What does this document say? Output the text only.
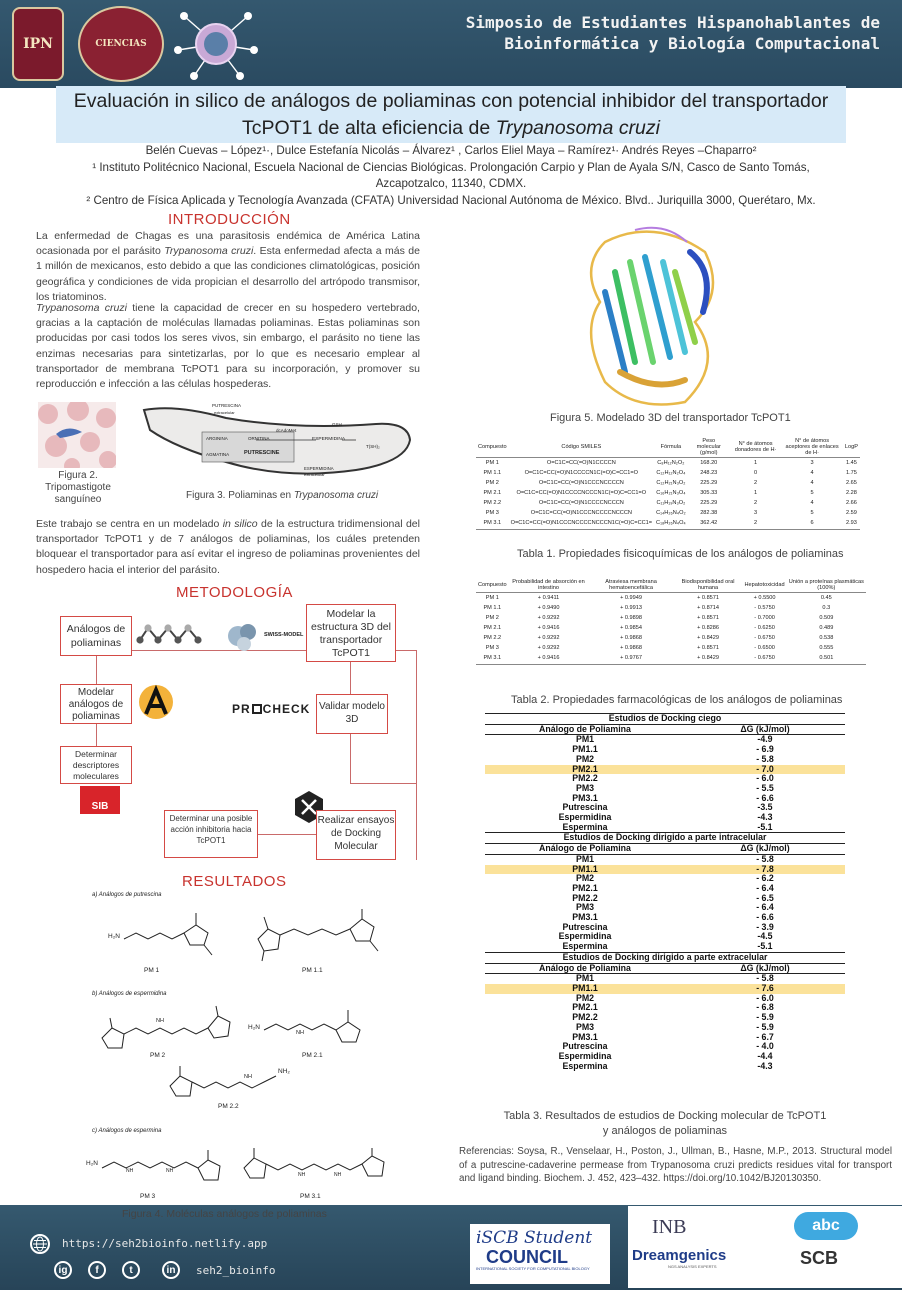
IPN	CIENCIAS
Simposio de Estudiantes Hispanohablantes de
Bioinformática y Biología Computacional
Evaluación in silico de análogos de poliaminas con potencial inhibidor del transportador
TcPOT1 de alta eficiencia de Trypanosoma cruzi
Belén Cuevas – López¹·, Dulce Estefanía Nicolás – Álvarez¹ , Carlos Eliel Maya – Ramírez¹· Andrés Reyes –Chaparro²
¹ Instituto Politécnico Nacional, Escuela Nacional de Ciencias Biológicas. Prolongación Carpio y Plan de Ayala S/N, Casco de Santo Tomás,
Azcapotzalco, 11340, CDMX.
² Centro de Física Aplicada y Tecnología Avanzada (CFATA) Universidad Nacional Autónoma de México. Blvd.. Juriquilla 3000, Querétaro, Mx.
INTRODUCCIÓN
La enfermedad de Chagas es una parasitosis endémica de América Latina ocasionada por el parásito Trypanosoma cruzi. Esta enfermedad afecta a más de 1 millón de mexicanos, esto debido a que las condiciones climatológicas, posición geográfica y condiciones de vida propician el desarrollo del artrópodo transmisor, los triatominos.
Trypanosoma cruzi tiene la capacidad de crecer en su hospedero vertebrado, gracias a la captación de moléculas llamadas poliaminas. Estas poliaminas son producidas por casi todos los seres vivos, sin embargo, el parásito no tiene las enzimas necesarias para sintetizarlas, por lo que es necesario emplear al transportador de membrana TcPOT1 para su incorporación, y promover su reproducción e infección a las células hospederas.
Figura 2. Tripomastigote sanguíneo
PUTRESCINA
extracelular
ARGININA	ORNITINA
AGMATINA	PUTRESCINE
dcAdoMet
ESPERMIDINA
GSH
T(SH)₂
ESPERMIDINA
extracelular
Figura 3. Poliaminas en Trypanosoma cruzi
Este trabajo se centra en un modelado in silico de la estructura tridimensional del transportador TcPOT1 y de 7 análogos de poliaminas, los cuáles pretenden bloquear el transportador para así evitar el ingreso de poliaminas provenientes del hospedero hacia el interior del parásito.
METODOLOGÍA
Análogos de poliaminas
SWISS-MODEL
Modelar la estructura 3D del transportador TcPOT1
Modelar análogos de poliaminas
PR CHECK Validar modelo 3D
Determinar descriptores moleculares
SIB
Realizar ensayos de Docking Molecular
Determinar una posible acción inhibitoria hacia TcPOT1
RESULTADOS
a) Análogos de putrescina
H₂N
PM 1	PM 1.1
b) Análogos de espermidina
NH
PM 2
H₂N
NH
PM 2.1
NH
NH₂
PM 2.2
c) Análogos de espermina
H₂N
NH	NH
PM 3
NH	NH
PM 3.1
Figura 4. Moléculas análogos de poliaminas
Figura 5. Modelado 3D del transportador TcPOT1
Compuesto	Código SMILES	Fórmula	Peso molecular (g/mol)	N° de átomos donadores de H·	N° de átomos aceptores de enlaces de H·	LogP
PM 1	O=C1C=CC(=O)N1CCCCN	C₈H₁₂N₂O₂	168.20	1	3	1.45
PM 1.1	O=C1C=CC(=O)N1CCCCN1C(=O)C=CC1=O	C₁₂H₁₂N₂O₄	248.23	0	4	1.75
PM 2	O=C1C=CC(=O)N1CCCNCCCCN	C₁₂H₂₁N₃O₂	225.29	2	4	2.65
PM 2.1	O=C1C=CC(=O)N1CCCCNCCCN1C(=O)C=CC1=O	C₁₆H₂₁N₃O₄	305.33	1	5	2.28
PM 2.2	O=C1C=CC(=O)N1CCCCNCCCN	C₁₁H₁₉N₃O₂	225.29	2	4	2.66
PM 3	O=C1C=CC(=O)N1CCCNCCCCNCCCN	C₁₄H₂₆N₄O₂	282.38	3	5	2.59
PM 3.1	O=C1C=CC(=O)N1CCCNCCCCNCCCN1C(=O)C=CC1=	C₁₈H₂₆N₄O₄	362.42	2	6	2.93
Tabla 1. Propiedades fisicoquímicas de los análogos de poliaminas
Compuesto	Probabilidad de absorción en intestino	Atraviesa membrana hematoencefálica	Biodisponibilidad oral humana	Hepatotoxicidad	Unión a proteínas plasmáticas (100%)
PM 1	+ 0.9411	+ 0.9949	+ 0.8571	+ 0.5500	0.45
PM 1.1	+ 0.9490	+ 0.9913	+ 0.8714	- 0.5750	0.3
PM 2	+ 0.9292	+ 0.9898	+ 0.8571	- 0.7000	0.509
PM 2.1	+ 0.9416	+ 0.9854	+ 0.8286	- 0.6250	0.489
PM 2.2	+ 0.9292	+ 0.9868	+ 0.8429	- 0.6750	0.538
PM 3	+ 0.9292	+ 0.9868	+ 0.8571	- 0.6500	0.555
PM 3.1	+ 0.9416	+ 0.9767	+ 0.8429	- 0.6750	0.501
Tabla 2. Propiedades farmacológicas de los análogos de poliaminas
Estudios de Docking ciego	
Análogo de Poliamina	ΔG (kJ/mol)
PM1	-4.9
PM1.1	- 6.9
PM2	- 5.8
PM2.1	- 7.0
PM2.2	- 6.0
PM3	- 5.5
PM3.1	- 6.6
Putrescina	-3.5
Espermidina	-4.3
Espermina	-5.1
Estudios de Docking dirigido a parte intracelular	
Análogo de Poliamina	ΔG (kJ/mol)
PM1	- 5.8
PM1.1	- 7.8
PM2	- 6.2
PM2.1	- 6.4
PM2.2	- 6.5
PM3	- 6.4
PM3.1	- 6.6
Putrescina	- 3.9
Espermidina	-4.5
Espermina	-5.1
Estudios de Docking dirigido a parte extracelular	
Análogo de Poliamina	ΔG (kJ/mol)
PM1	- 5.8
PM1.1	- 7.6
PM2	- 6.0
PM2.1	- 6.8
PM2.2	- 5.9
PM3	- 5.9
PM3.1	- 6.7
Putrescina	- 4.0
Espermidina	-4.4
Espermina	-4.3
Tabla 3. Resultados de estudios de Docking molecular de TcPOT1
y análogos de poliaminas
Referencias: Soysa, R., Venselaar, H., Poston, J., Ullman, B., Hasne, M.P., 2013. Structural model of a putrescine-cadaverine permease from Trypanosoma cruzi predicts residues vital for transport and ligand binding. Biochem. J. 452, 423–432. https://doi.org/10.1042/BJ20130350.
https://seh2bioinfo.netlify.app
ig	f	t	in	seh2_bioinfo
iSCB Student
COUNCIL
INTERNATIONAL SOCIETY FOR COMPUTATIONAL BIOLOGY
INB
Dreamgenics
NGS ANALYSIS EXPERTS
abc
SCB
